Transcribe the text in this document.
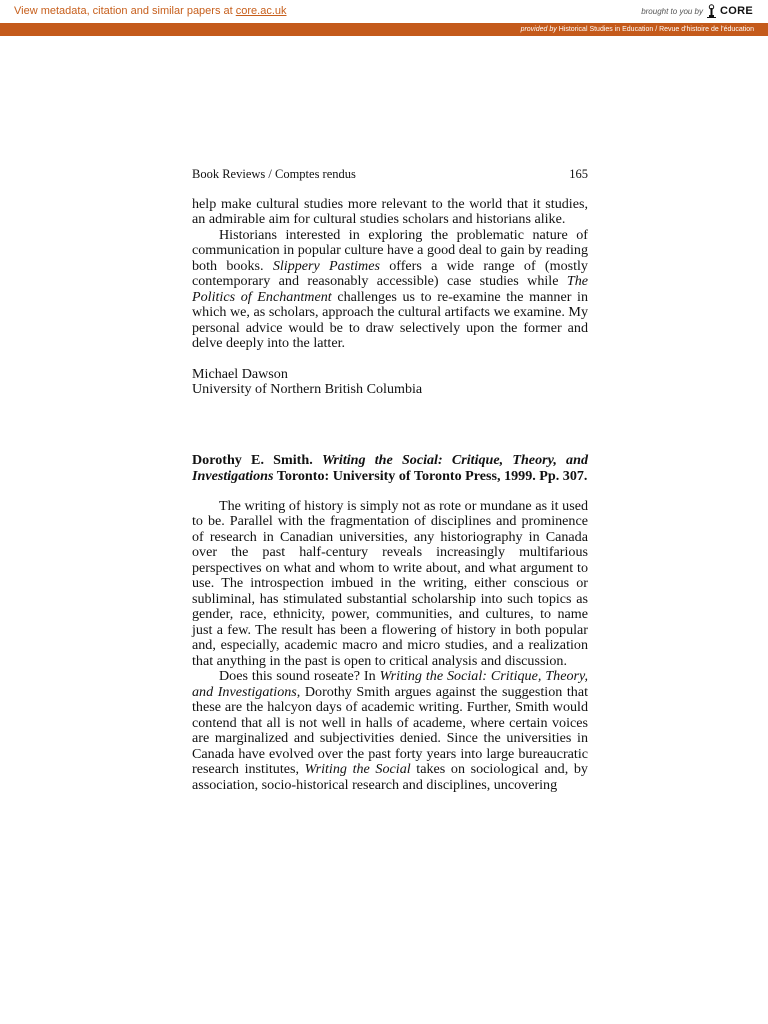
View metadata, citation and similar papers at core.ac.uk	brought to you by CORE
provided by Historical Studies in Education / Revue d'histoire de l'éducation
Book Reviews / Comptes rendus	165

help make cultural studies more relevant to the world that it studies, an admirable aim for cultural studies scholars and historians alike.

Historians interested in exploring the problematic nature of communication in popular culture have a good deal to gain by reading both books. Slippery Pastimes offers a wide range of (mostly contemporary and reasonably accessible) case studies while The Politics of Enchantment challenges us to re-examine the manner in which we, as scholars, approach the cultural artifacts we examine. My personal advice would be to draw selectively upon the former and delve deeply into the latter.

Michael Dawson
University of Northern British Columbia
Dorothy E. Smith. Writing the Social: Critique, Theory, and Investigations Toronto: University of Toronto Press, 1999. Pp. 307.

The writing of history is simply not as rote or mundane as it used to be. Parallel with the fragmentation of disciplines and prominence of research in Canadian universities, any historiography in Canada over the past half-century reveals increasingly multifarious perspectives on what and whom to write about, and what argument to use. The introspection imbued in the writing, either conscious or subliminal, has stimulated substantial scholarship into such topics as gender, race, ethnicity, power, communities, and cultures, to name just a few. The result has been a flowering of history in both popular and, especially, academic macro and micro studies, and a realization that anything in the past is open to critical analysis and discussion.

Does this sound roseate? In Writing the Social: Critique, Theory, and Investigations, Dorothy Smith argues against the suggestion that these are the halcyon days of academic writing. Further, Smith would contend that all is not well in halls of academe, where certain voices are marginalized and subjectivities denied. Since the universities in Canada have evolved over the past forty years into large bureaucratic research institutes, Writing the Social takes on sociological and, by association, socio-historical research and disciplines, uncovering
